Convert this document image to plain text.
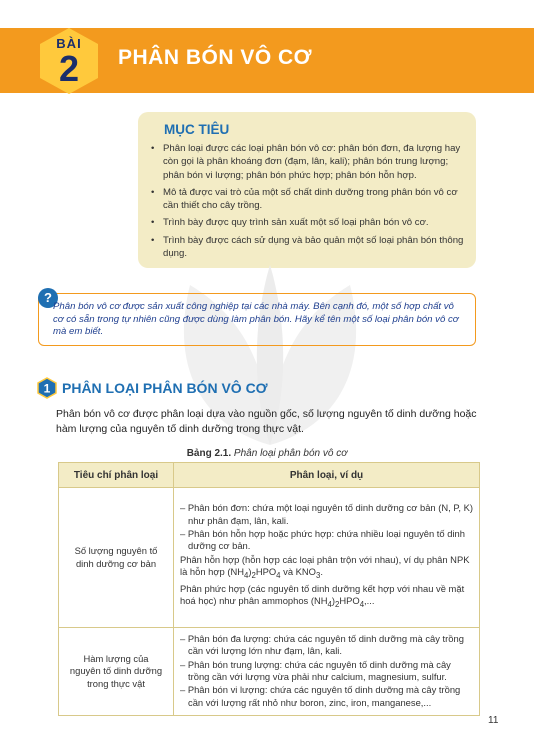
BÀI
2	PHÂN BÓN VÔ CƠ
MỤC TIÊU
• Phân loại được các loại phân bón vô cơ: phân bón đơn, đa lượng hay còn gọi là phân khoáng đơn (đạm, lân, kali); phân bón trung lượng; phân bón vi lượng; phân bón phức hợp; phân bón hỗn hợp.
• Mô tả được vai trò của một số chất dinh dưỡng trong phân bón vô cơ cần thiết cho cây trồng.
• Trình bày được quy trình sản xuất một số loại phân bón vô cơ.
• Trình bày được cách sử dụng và bảo quản một số loại phân bón thông dụng.
?
Phân bón vô cơ được sản xuất công nghiệp tại các nhà máy. Bên cạnh đó, một số hợp chất vô cơ có sẵn trong tự nhiên cũng được dùng làm phân bón. Hãy kể tên một số loại phân bón vô cơ mà em biết.
1 PHÂN LOẠI PHÂN BÓN VÔ CƠ
Phân bón vô cơ được phân loại dựa vào nguồn gốc, số lượng nguyên tố dinh dưỡng hoặc hàm lượng của nguyên tố dinh dưỡng trong thực vật.
Bảng 2.1. Phân loại phân bón vô cơ
Tiêu chí phân loại	Phân loại, ví dụ
Số lượng nguyên tố dinh dưỡng cơ bản	– Phân bón đơn: chứa một loại nguyên tố dinh dưỡng cơ bản (N, P, K) như phân đạm, lân, kali.
– Phân bón hỗn hợp hoặc phức hợp: chứa nhiều loại nguyên tố dinh dưỡng cơ bản.
Phân hỗn hợp (hỗn hợp các loại phân trộn với nhau), ví dụ phân NPK là hỗn hợp $(NH_4)_2HPO_4$ và $KNO_3$.
Phân phức hợp (các nguyên tố dinh dưỡng kết hợp với nhau về mặt hoá học) như phân ammophos $(NH_4)_2HPO_4$,...

Hàm lượng của nguyên tố dinh dưỡng trong thực vật	– Phân bón đa lượng: chứa các nguyên tố dinh dưỡng mà cây trồng cần với lượng lớn như đạm, lân, kali.
– Phân bón trung lượng: chứa các nguyên tố dinh dưỡng mà cây trồng cần với lượng vừa phải như calcium, magnesium, sulfur.
– Phân bón vi lượng: chứa các nguyên tố dinh dưỡng mà cây trồng cần với lượng rất nhỏ như boron, zinc, iron, manganese,...
11
